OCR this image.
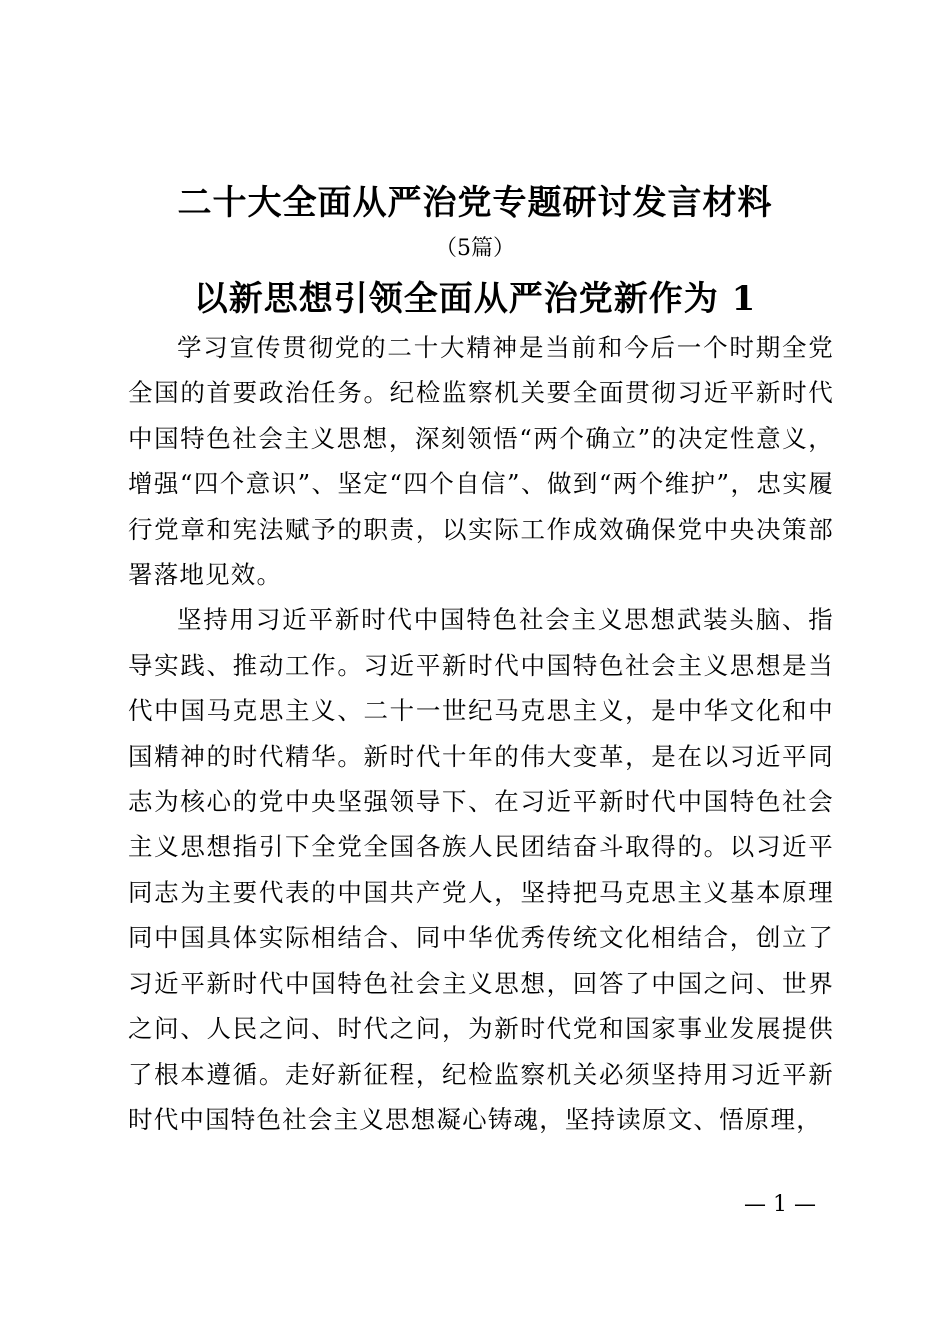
二十大全面从严治党专题研讨发言材料
（5篇）
以新思想引领全面从严治党新作为 1

学习宣传贯彻党的二十大精神是当前和今后一个时期全党全国的首要政治任务。纪检监察机关要全面贯彻习近平新时代中国特色社会主义思想，深刻领悟“两个确立”的决定性意义，增强“四个意识”、坚定“四个自信”、做到“两个维护”，忠实履行党章和宪法赋予的职责，以实际工作成效确保党中央决策部署落地见效。

坚持用习近平新时代中国特色社会主义思想武装头脑、指导实践、推动工作。习近平新时代中国特色社会主义思想是当代中国马克思主义、二十一世纪马克思主义，是中华文化和中国精神的时代精华。新时代十年的伟大变革，是在以习近平同志为核心的党中央坚强领导下、在习近平新时代中国特色社会主义思想指引下全党全国各族人民团结奋斗取得的。以习近平同志为主要代表的中国共产党人，坚持把马克思主义基本原理同中国具体实际相结合、同中华优秀传统文化相结合，创立了习近平新时代中国特色社会主义思想，回答了中国之问、世界之问、人民之问、时代之问，为新时代党和国家事业发展提供了根本遵循。走好新征程，纪检监察机关必须坚持用习近平新时代中国特色社会主义思想凝心铸魂，坚持读原文、悟原理，

— 1 —
